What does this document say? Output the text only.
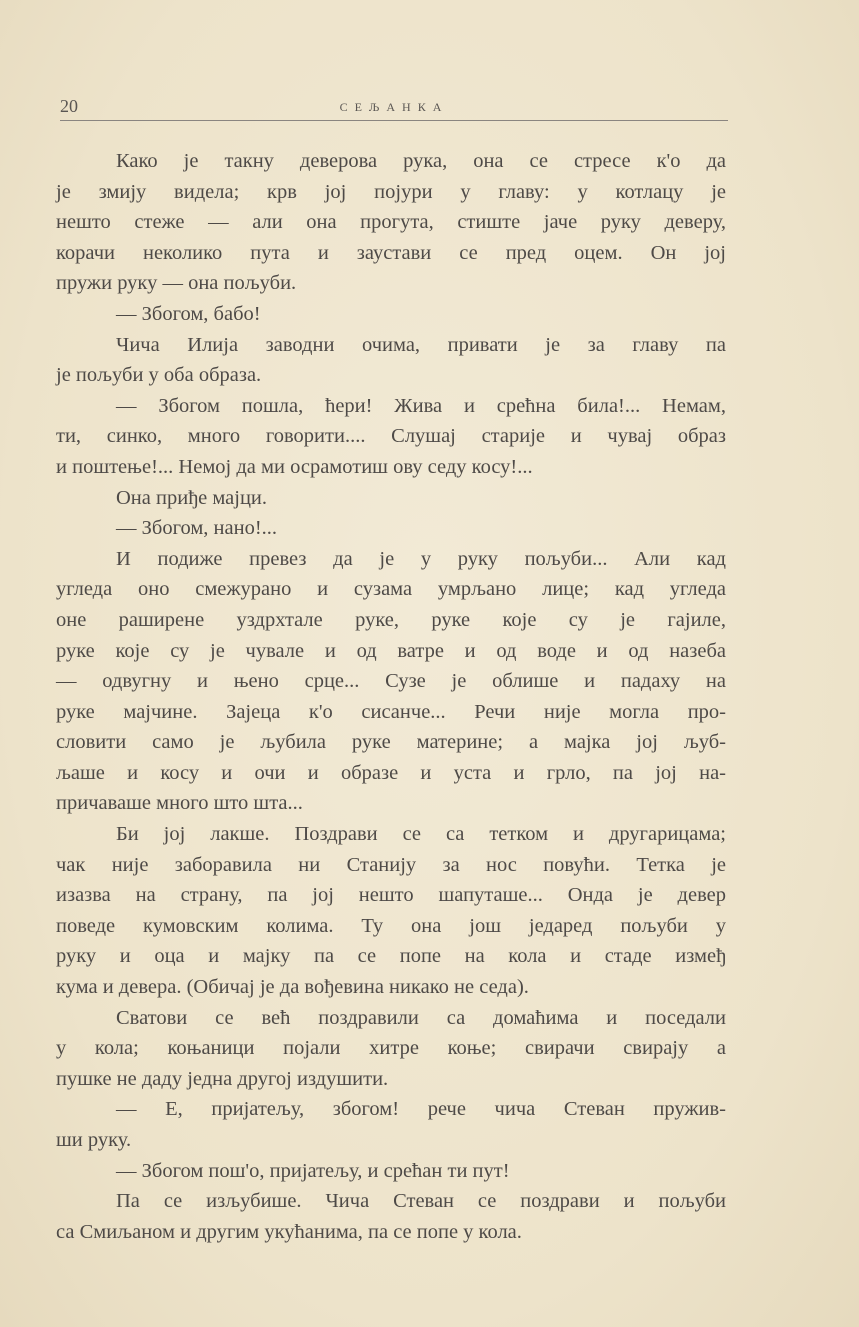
20	СЕЉАНКА
Како је такну деверова рука, она се стресе к'о да
је змију видела; крв јој појури у главу: у котлацу је
нешто стеже — али она прогута, стиште јаче руку деверу,
корачи неколико пута и заустави се пред оцем. Он јој
пружи руку — она пољуби.
— Збогом, бабо!
Чича Илија заводни очима, привати је за главу па
је пољуби у оба образа.
— Збогом пошла, ћери! Жива и срећна била!... Немам,
ти, синко, много говорити.... Слушај старије и чувај образ
и поштење!... Немој да ми осрамотиш ову седу косу!...
Она приђе мајци.
— Збогом, нано!...
И подиже превез да је у руку пољуби... Али кад
угледа оно смежурано и сузама умрљано лице; кад угледа
оне раширене уздрхтале руке, руке које су је гајиле,
руке које су је чувале и од ватре и од воде и од назеба
— одвугну и њено срце... Сузе је облише и падаху на
руке мајчине. Зајеца к'о сисанче... Речи није могла про-
словити само је љубила руке материне; а мајка јој љуб-
љаше и косу и очи и образе и уста и грло, па јој на-
причаваше много што шта...
Би јој лакше. Поздрави се са тетком и другарицама;
чак није заборавила ни Станију за нос повући. Тетка је
изазва на страну, па јој нешто шапуташе... Онда је девер
поведе кумовским колима. Ту она још једаред пољуби у
руку и оца и мајку па се попе на кола и стаде измеђ
кума и девера. (Обичај је да вођевина никако не седа).
Сватови се већ поздравили са домаћима и поседали
у кола; коњаници појали хитре коње; свирачи свирају а
пушке не даду једна другој издушити.
— Е, пријатељу, збогом! рече чича Стеван пружив-
ши руку.
— Збогом пош'о, пријатељу, и срећан ти пут!
Па се изљубише. Чича Стеван се поздрави и пољуби
са Смиљаном и другим укућанима, па се попе у кола.
